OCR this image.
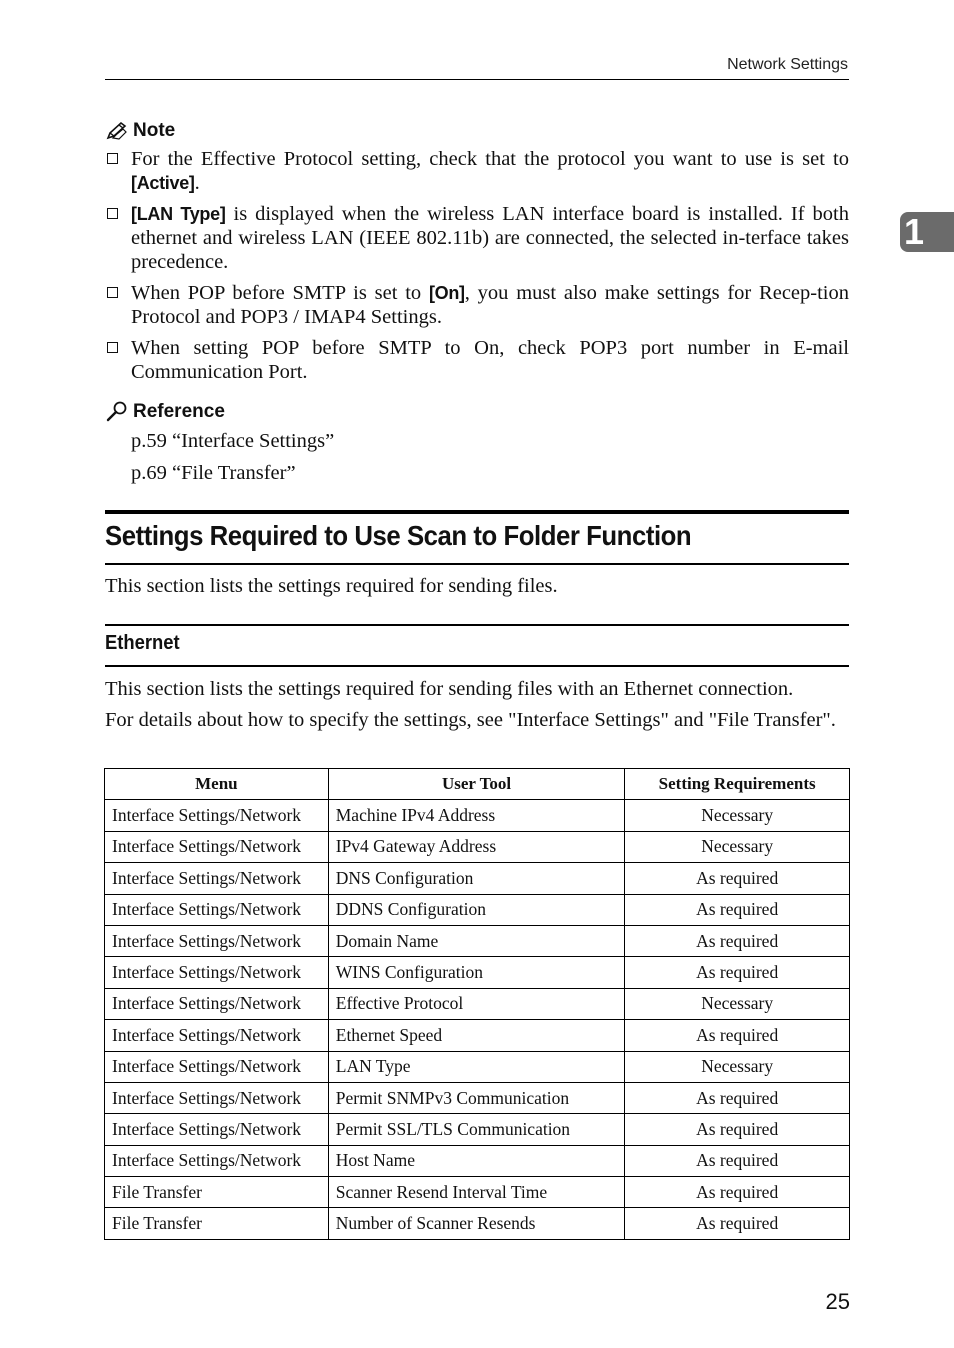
Network Settings
1
Note
For the Effective Protocol setting, check that the protocol you want to use is set to [Active].
[LAN Type] is displayed when the wireless LAN interface board is installed. If both ethernet and wireless LAN (IEEE 802.11b) are connected, the selected in-terface takes precedence.
When POP before SMTP is set to [On], you must also make settings for Recep-tion Protocol and POP3 / IMAP4 Settings.
When setting POP before SMTP to On, check POP3 port number in E-mail Communication Port.
Reference
p.59 “Interface Settings”
p.69 “File Transfer”
Settings Required to Use Scan to Folder Function
This section lists the settings required for sending files.
Ethernet
This section lists the settings required for sending files with an Ethernet connection.
For details about how to specify the settings, see "Interface Settings" and "File Transfer".
Menu	User Tool	Setting Requirements
Interface Settings/Network	Machine IPv4 Address	Necessary
Interface Settings/Network	IPv4 Gateway Address	Necessary
Interface Settings/Network	DNS Configuration	As required
Interface Settings/Network	DDNS Configuration	As required
Interface Settings/Network	Domain Name	As required
Interface Settings/Network	WINS Configuration	As required
Interface Settings/Network	Effective Protocol	Necessary
Interface Settings/Network	Ethernet Speed	As required
Interface Settings/Network	LAN Type	Necessary
Interface Settings/Network	Permit SNMPv3 Communication	As required
Interface Settings/Network	Permit SSL/TLS Communication	As required
Interface Settings/Network	Host Name	As required
File Transfer	Scanner Resend Interval Time	As required
File Transfer	Number of Scanner Resends	As required
25
